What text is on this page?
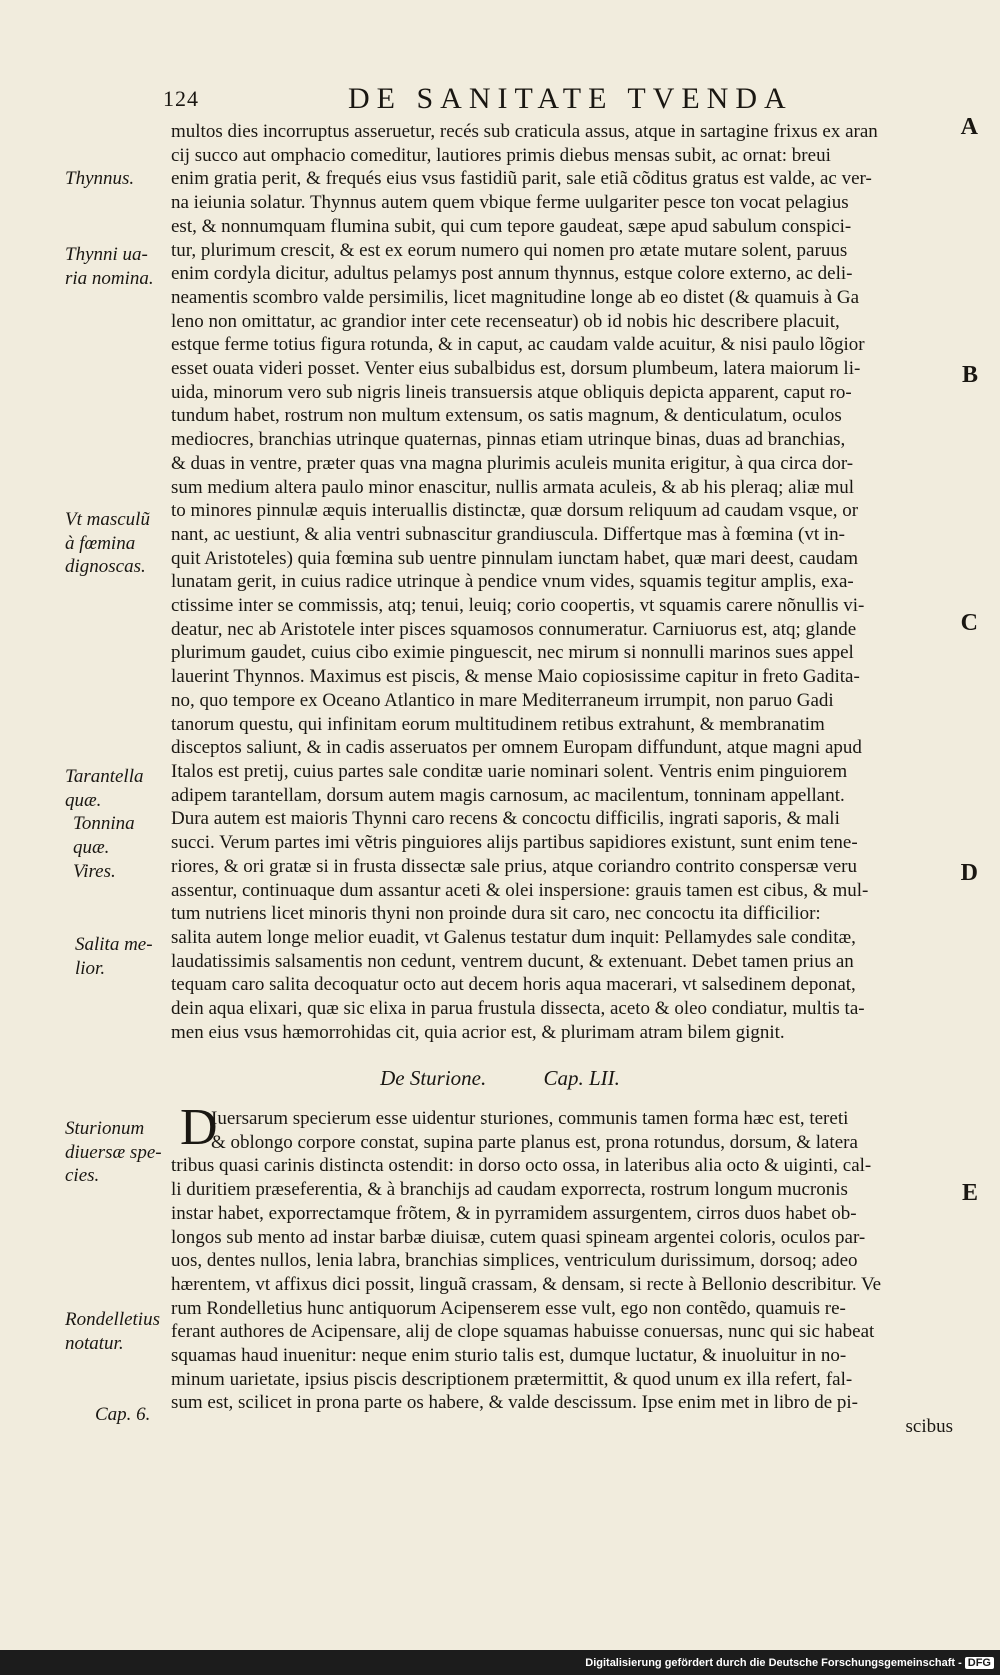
124	DE SANITATE TVENDA
A
B
C
D
E
Thynnus.
Thynni ua-
ria nomina.
Vt masculũ
à fœmina
dignoscas.
Tarantella
quæ.
Tonnina
quæ.
Vires.
Salita me-
lior.
Sturionum
diuersæ spe-
cies.
Rondelletius
notatur.
Cap. 6.
multos dies incorruptus asseruetur, recés sub craticula assus, atque in sartagine frixus ex aran
cij succo aut omphacio comeditur, lautiores primis diebus mensas subit, ac ornat: breui
enim gratia perit, & frequés eius vsus fastidiũ parit, sale etiã cõditus gratus est valde, ac ver-
na ieiunia solatur. Thynnus autem quem vbique ferme uulgariter pesce ton vocat pelagius
est, & nonnumquam flumina subit, qui cum tepore gaudeat, sæpe apud sabulum conspici-
tur, plurimum crescit, & est ex eorum numero qui nomen pro ætate mutare solent, paruus
enim cordyla dicitur, adultus pelamys post annum thynnus, estque colore externo, ac deli-
neamentis scombro valde persimilis, licet magnitudine longe ab eo distet (& quamuis à Ga
leno non omittatur, ac grandior inter cete recenseatur) ob id nobis hic describere placuit,
estque ferme totius figura rotunda, & in caput, ac caudam valde acuitur, & nisi paulo lõgior
esset ouata videri posset. Venter eius subalbidus est, dorsum plumbeum, latera maiorum li-
uida, minorum vero sub nigris lineis transuersis atque obliquis depicta apparent, caput ro-
tundum habet, rostrum non multum extensum, os satis magnum, & denticulatum, oculos
mediocres, branchias utrinque quaternas, pinnas etiam utrinque binas, duas ad branchias,
& duas in ventre, præter quas vna magna plurimis aculeis munita erigitur, à qua circa dor-
sum medium altera paulo minor enascitur, nullis armata aculeis, & ab his pleraq; aliæ mul
to minores pinnulæ æquis interuallis distinctæ, quæ dorsum reliquum ad caudam vsque, or
nant, ac uestiunt, & alia ventri subnascitur grandiuscula. Differtque mas à fœmina (vt in-
quit Aristoteles) quia fœmina sub uentre pinnulam iunctam habet, quæ mari deest, caudam
lunatam gerit, in cuius radice utrinque à pendice vnum vides, squamis tegitur amplis, exa-
ctissime inter se commissis, atq; tenui, leuiq; corio coopertis, vt squamis carere nõnullis vi-
deatur, nec ab Aristotele inter pisces squamosos connumeratur. Carniuorus est, atq; glande
plurimum gaudet, cuius cibo eximie pinguescit, nec mirum si nonnulli marinos sues appel
lauerint Thynnos. Maximus est piscis, & mense Maio copiosissime capitur in freto Gadita-
no, quo tempore ex Oceano Atlantico in mare Mediterraneum irrumpit, non paruo Gadi
tanorum questu, qui infinitam eorum multitudinem retibus extrahunt, & membranatim
disceptos saliunt, & in cadis asseruatos per omnem Europam diffundunt, atque magni apud
Italos est pretij, cuius partes sale conditæ uarie nominari solent. Ventris enim pinguiorem
adipem tarantellam, dorsum autem magis carnosum, ac macilentum, tonninam appellant.
Dura autem est maioris Thynni caro recens & concoctu difficilis, ingrati saporis, & mali
succi. Verum partes imi vẽtris pinguiores alijs partibus sapidiores existunt, sunt enim tene-
riores, & ori gratæ si in frusta dissectæ sale prius, atque coriandro contrito conspersæ veru
assentur, continuaque dum assantur aceti & olei inspersione: grauis tamen est cibus, & mul-
tum nutriens licet minoris thyni non proinde dura sit caro, nec concoctu ita difficilior:
salita autem longe melior euadit, vt Galenus testatur dum inquit: Pellamydes sale conditæ,
laudatissimis salsamentis non cedunt, ventrem ducunt, & extenuant. Debet tamen prius an
tequam caro salita decoquatur octo aut decem horis aqua macerari, vt salsedinem deponat,
dein aqua elixari, quæ sic elixa in parua frustula dissecta, aceto & oleo condiatur, multis ta-
men eius vsus hæmorrohidas cit, quia acrior est, & plurimam atram bilem gignit.
De Sturione.	Cap. LII.
D
Iuersarum specierum esse uidentur sturiones, communis tamen forma hæc est, tereti
& oblongo corpore constat, supina parte planus est, prona rotundus, dorsum, & latera
tribus quasi carinis distincta ostendit: in dorso octo ossa, in lateribus alia octo & uiginti, cal-
li duritiem præseferentia, & à branchijs ad caudam exporrecta, rostrum longum mucronis
instar habet, exporrectamque frõtem, & in pyrramidem assurgentem, cirros duos habet ob-
longos sub mento ad instar barbæ diuisæ, cutem quasi spineam argentei coloris, oculos par-
uos, dentes nullos, lenia labra, branchias simplices, ventriculum durissimum, dorsoq; adeo
hærentem, vt affixus dici possit, linguã crassam, & densam, si recte à Bellonio describitur. Ve
rum Rondelletius hunc antiquorum Acipenserem esse vult, ego non contẽdo, quamuis re-
ferant authores de Acipensare, alij de clope squamas habuisse conuersas, nunc qui sic habeat
squamas haud inuenitur: neque enim sturio talis est, dumque luctatur, & inuoluitur in no-
minum uarietate, ipsius piscis descriptionem prætermittit, & quod unum ex illa refert, fal-
sum est, scilicet in prona parte os habere, & valde descissum. Ipse enim met in libro de pi-
scibus
Digitalisierung gefördert durch die Deutsche Forschungsgemeinschaft - DFG
